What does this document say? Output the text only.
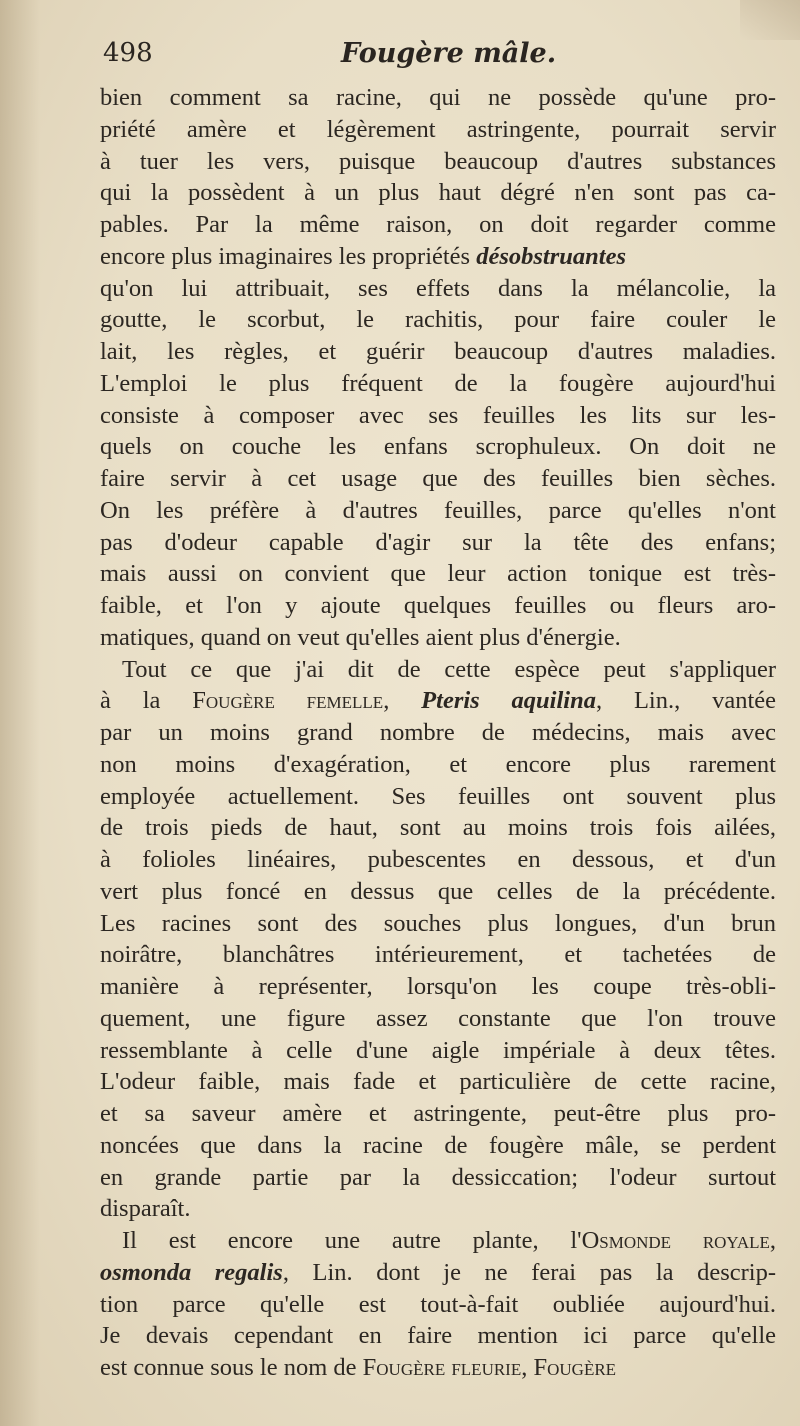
498	Fougère mâle.
bien comment sa racine, qui ne possède qu'une pro-
priété amère et légèrement astringente, pourrait servir
à tuer les vers, puisque beaucoup d'autres substances
qui la possèdent à un plus haut dégré n'en sont pas ca-
pables. Par la même raison, on doit regarder comme
encore plus imaginaires les propriétés désobstruantes
qu'on lui attribuait, ses effets dans la mélancolie, la
goutte, le scorbut, le rachitis, pour faire couler le
lait, les règles, et guérir beaucoup d'autres maladies.
L'emploi le plus fréquent de la fougère aujourd'hui
consiste à composer avec ses feuilles les lits sur les-
quels on couche les enfans scrophuleux. On doit ne
faire servir à cet usage que des feuilles bien sèches.
On les préfère à d'autres feuilles, parce qu'elles n'ont
pas d'odeur capable d'agir sur la tête des enfans;
mais aussi on convient que leur action tonique est très-
faible, et l'on y ajoute quelques feuilles ou fleurs aro-
matiques, quand on veut qu'elles aient plus d'énergie.
Tout ce que j'ai dit de cette espèce peut s'appliquer
à la Fougère femelle, Pteris aquilina, Lin., vantée
par un moins grand nombre de médecins, mais avec
non moins d'exagération, et encore plus rarement
employée actuellement. Ses feuilles ont souvent plus
de trois pieds de haut, sont au moins trois fois ailées,
à folioles linéaires, pubescentes en dessous, et d'un
vert plus foncé en dessus que celles de la précédente.
Les racines sont des souches plus longues, d'un brun
noirâtre, blanchâtres intérieurement, et tachetées de
manière à représenter, lorsqu'on les coupe très-obli-
quement, une figure assez constante que l'on trouve
ressemblante à celle d'une aigle impériale à deux têtes.
L'odeur faible, mais fade et particulière de cette racine,
et sa saveur amère et astringente, peut-être plus pro-
noncées que dans la racine de fougère mâle, se perdent
en grande partie par la dessiccation; l'odeur surtout
disparaît.
Il est encore une autre plante, l'Osmonde royale,
osmonda regalis, Lin. dont je ne ferai pas la descrip-
tion parce qu'elle est tout-à-fait oubliée aujourd'hui.
Je devais cependant en faire mention ici parce qu'elle
est connue sous le nom de Fougère fleurie, Fougère
